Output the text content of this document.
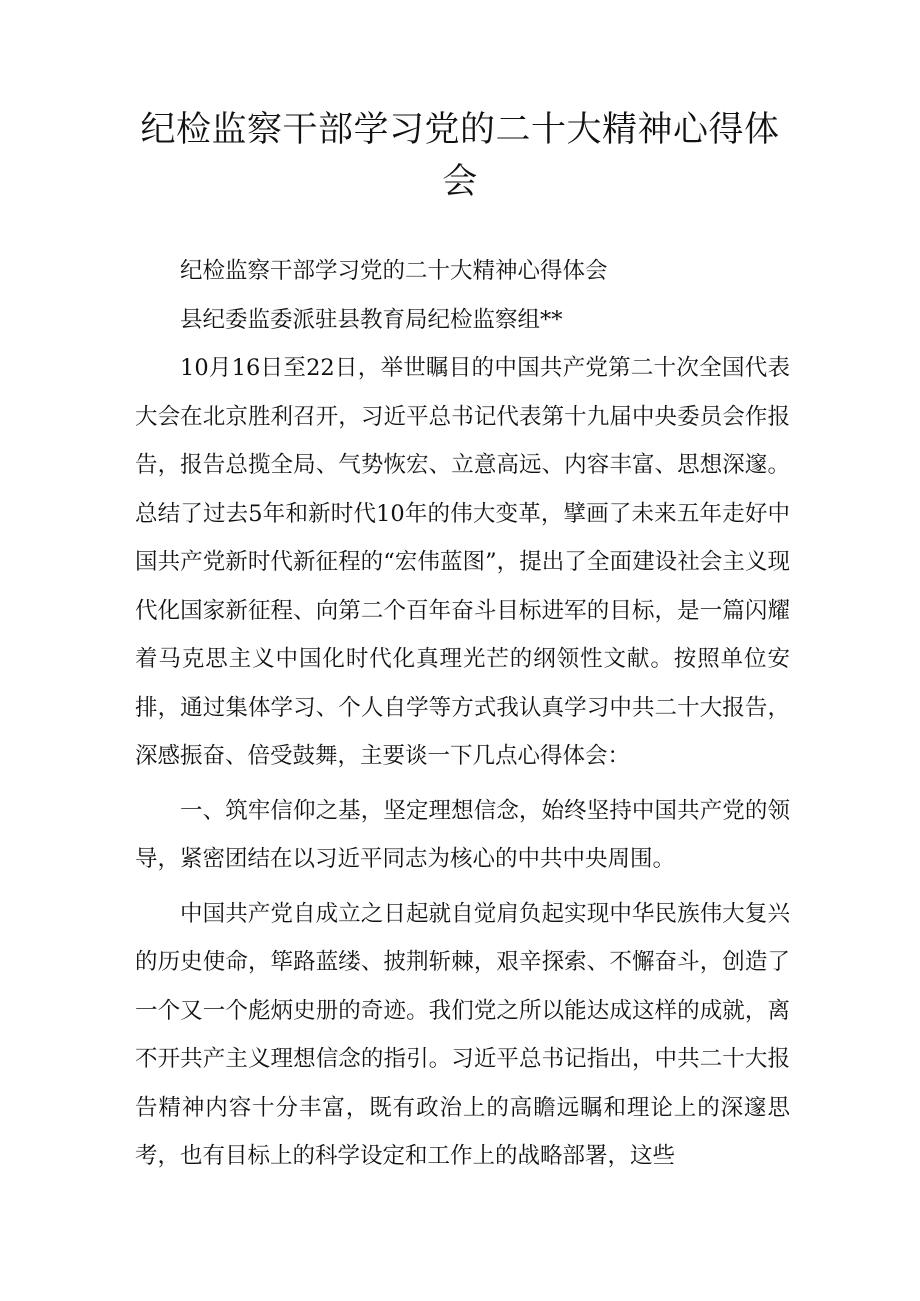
纪检监察干部学习党的二十大精神心得体
会

纪检监察干部学习党的二十大精神心得体会

县纪委监委派驻县教育局纪检监察组**

10月16日至22日，举世瞩目的中国共产党第二十次全国代表大会在北京胜利召开，习近平总书记代表第十九届中央委员会作报告，报告总揽全局、气势恢宏、立意高远、内容丰富、思想深邃。总结了过去5年和新时代10年的伟大变革，擘画了未来五年走好中国共产党新时代新征程的“宏伟蓝图”，提出了全面建设社会主义现代化国家新征程、向第二个百年奋斗目标进军的目标，是一篇闪耀着马克思主义中国化时代化真理光芒的纲领性文献。按照单位安排，通过集体学习、个人自学等方式我认真学习中共二十大报告，深感振奋、倍受鼓舞，主要谈一下几点心得体会：

一、筑牢信仰之基，坚定理想信念，始终坚持中国共产党的领导，紧密团结在以习近平同志为核心的中共中央周围。

中国共产党自成立之日起就自觉肩负起实现中华民族伟大复兴的历史使命，筚路蓝缕、披荆斩棘，艰辛探索、不懈奋斗，创造了一个又一个彪炳史册的奇迹。我们党之所以能达成这样的成就，离不开共产主义理想信念的指引。习近平总书记指出，中共二十大报告精神内容十分丰富，既有政治上的高瞻远瞩和理论上的深邃思考，也有目标上的科学设定和工作上的战略部署，这些
